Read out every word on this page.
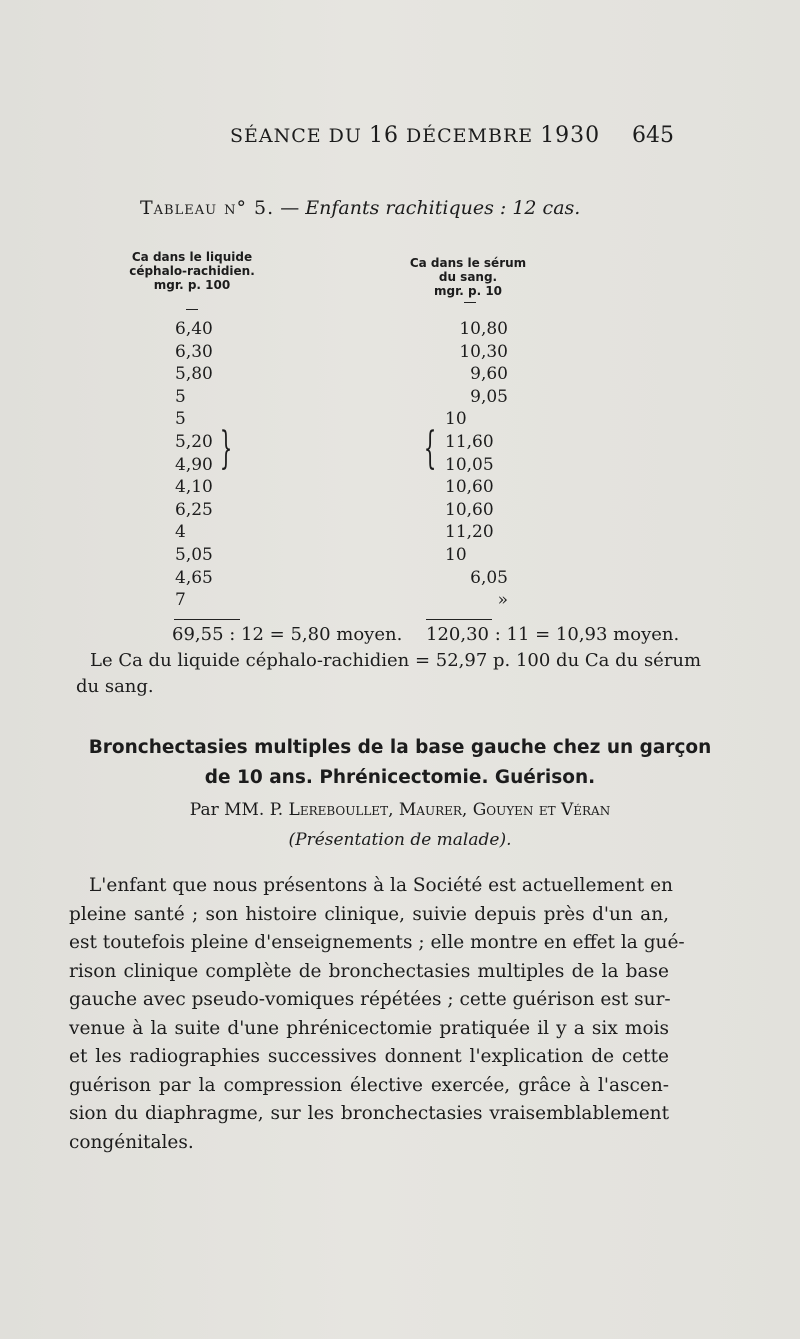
SÉANCE DU 16 DÉCEMBRE 1930 645
Tableau n° 5. — Enfants rachitiques : 12 cas.
Ca dans le liquide
céphalo-rachidien.
mgr. p. 100
Ca dans le sérum
du sang.
mgr. p. 10
6,40
6,30
5,80
5
5
5,20
4,90
4,10
6,25
4
5,05
4,65
7
}
10,80
10,30
9,60
9,05
10
11,60
10,05
10,60
10,60
11,20
10
6,05
»
{
69,55 : 12 = 5,80 moyen. 120,30 : 11 = 10,93 moyen.
Le Ca du liquide céphalo-rachidien = 52,97 p. 100 du Ca du sérum
du sang.
Bronchectasies multiples de la base gauche chez un garçon
de 10 ans. Phrénicectomie. Guérison.
Par MM. P. Lereboullet, Maurer, Gouyen et Véran
(Présentation de malade).
L'enfant que nous présentons à la Société est actuellement en
pleine santé ; son histoire clinique, suivie depuis près d'un an,
est toutefois pleine d'enseignements ; elle montre en effet la gué-
rison clinique complète de bronchectasies multiples de la base
gauche avec pseudo-vomiques répétées ; cette guérison est sur-
venue à la suite d'une phrénicectomie pratiquée il y a six mois
et les radiographies successives donnent l'explication de cette
guérison par la compression élective exercée, grâce à l'ascen-
sion du diaphragme, sur les bronchectasies vraisemblablement
congénitales.
